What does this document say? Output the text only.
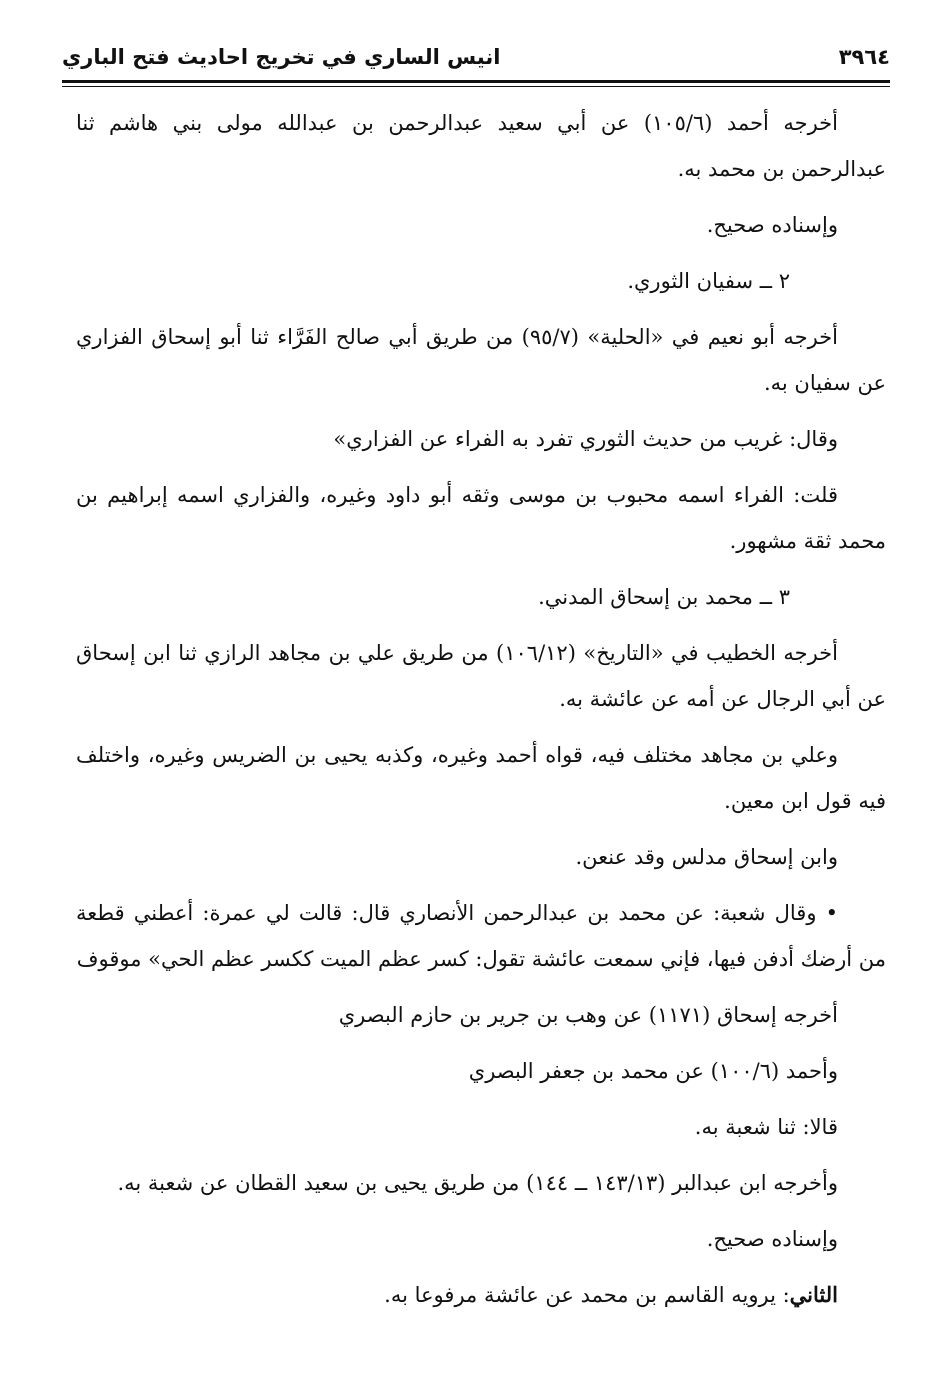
٣٩٦٤
انيس الساري في تخريج احاديث فتح الباري

أخرجه أحمد (١٠٥/٦) عن أبي سعيد عبدالرحمن بن عبدالله مولى بني هاشم ثنا عبدالرحمن بن محمد به.

وإسناده صحيح.

٢ ــ سفيان الثوري.

أخرجه أبو نعيم في «الحلية» (٩٥/٧) من طريق أبي صالح الفَرَّاء ثنا أبو إسحاق الفزاري عن سفيان به.

وقال: غريب من حديث الثوري تفرد به الفراء عن الفزاري»

قلت: الفراء اسمه محبوب بن موسى وثقه أبو داود وغيره، والفزاري اسمه إبراهيم بن محمد ثقة مشهور.

٣ ــ محمد بن إسحاق المدني.

أخرجه الخطيب في «التاريخ» (١٠٦/١٢) من طريق علي بن مجاهد الرازي ثنا ابن إسحاق عن أبي الرجال عن أمه عن عائشة به.

وعلي بن مجاهد مختلف فيه، قواه أحمد وغيره، وكذبه يحيى بن الضريس وغيره، واختلف فيه قول ابن معين.

وابن إسحاق مدلس وقد عنعن.

• وقال شعبة: عن محمد بن عبدالرحمن الأنصاري قال: قالت لي عمرة: أعطني قطعة من أرضك أدفن فيها، فإني سمعت عائشة تقول: كسر عظم الميت ككسر عظم الحي» موقوف

أخرجه إسحاق (١١٧١) عن وهب بن جرير بن حازم البصري

وأحمد (١٠٠/٦) عن محمد بن جعفر البصري

قالا: ثنا شعبة به.

وأخرجه ابن عبدالبر (١٤٣/١٣ ــ ١٤٤) من طريق يحيى بن سعيد القطان عن شعبة به.

وإسناده صحيح.

الثاني: يرويه القاسم بن محمد عن عائشة مرفوعا به.
